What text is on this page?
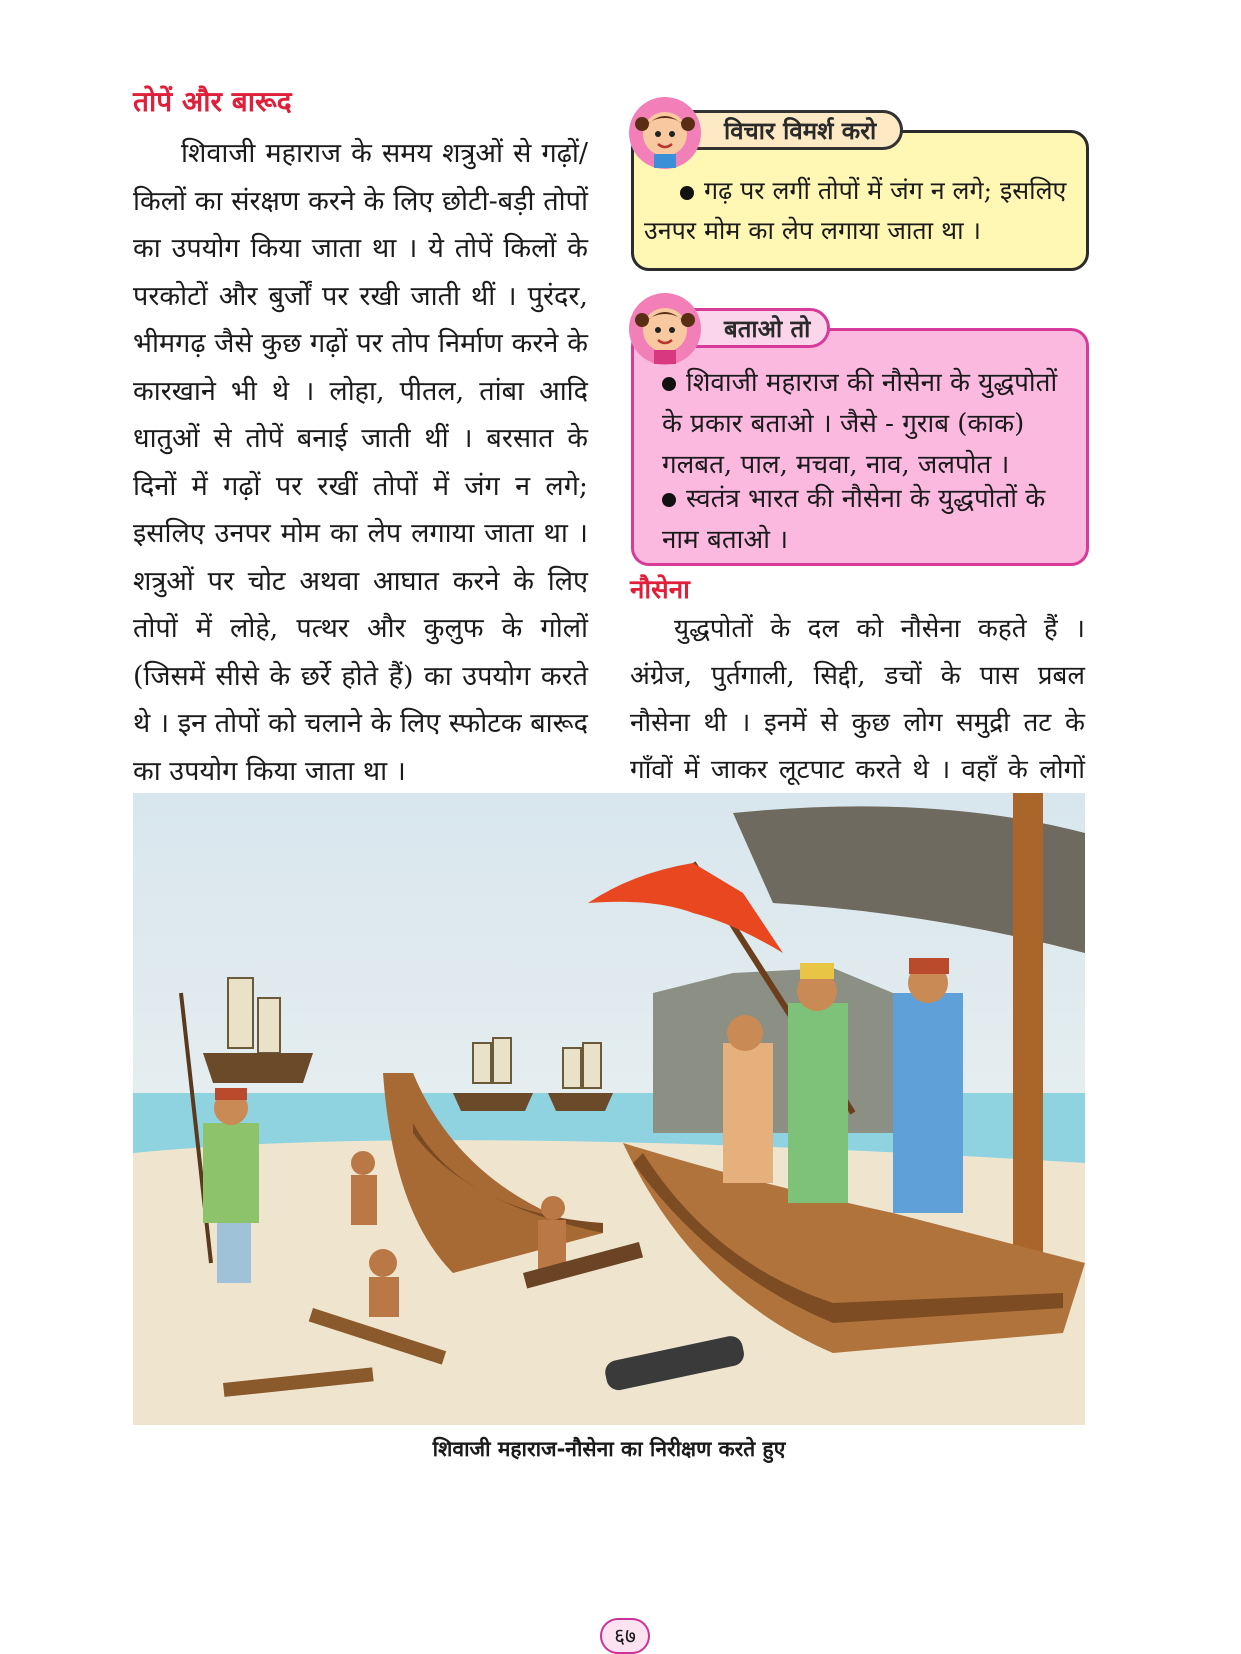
तोपें और बारूद

शिवाजी महाराज के समय शत्रुओं से गढ़ों/किलों का संरक्षण करने के लिए छोटी-बड़ी तोपों का उपयोग किया जाता था । ये तोपें किलों के परकोटों और बुर्जों पर रखी जाती थीं । पुरंदर, भीमगढ़ जैसे कुछ गढ़ों पर तोप निर्माण करने के कारखाने भी थे । लोहा, पीतल, तांबा आदि धातुओं से तोपें बनाई जाती थीं । बरसात के दिनों में गढ़ों पर रखीं तोपों में जंग न लगे; इसलिए उनपर मोम का लेप लगाया जाता था । शत्रुओं पर चोट अथवा आघात करने के लिए तोपों में लोहे, पत्थर और कुलुफ के गोलों (जिसमें सीसे के छर्रे होते हैं) का उपयोग करते थे । इन तोपों को चलाने के लिए स्फोटक बारूद का उपयोग किया जाता था ।

गढ़ पर लगीं तोपों में जंग न लगे; इसलिए उनपर मोम का लेप लगाया जाता था ।
विचार विमर्श करो
शिवाजी महाराज की नौसेना के युद्धपोतों के प्रकार बताओ । जैसे - गुराब (काक) गलबत, पाल, मचवा, नाव, जलपोत ।
स्वतंत्र भारत की नौसेना के युद्धपोतों के नाम बताओ ।
बताओ तो
नौसेना

युद्धपोतों के दल को नौसेना कहते हैं । अंग्रेज, पुर्तगाली, सिद्दी, डचों के पास प्रबल नौसेना थी । इनमें से कुछ लोग समुद्री तट के गाँवों में जाकर लूटपाट करते थे । वहाँ के लोगों

शिवाजी महाराज-नौसेना का निरीक्षण करते हुए
६७
